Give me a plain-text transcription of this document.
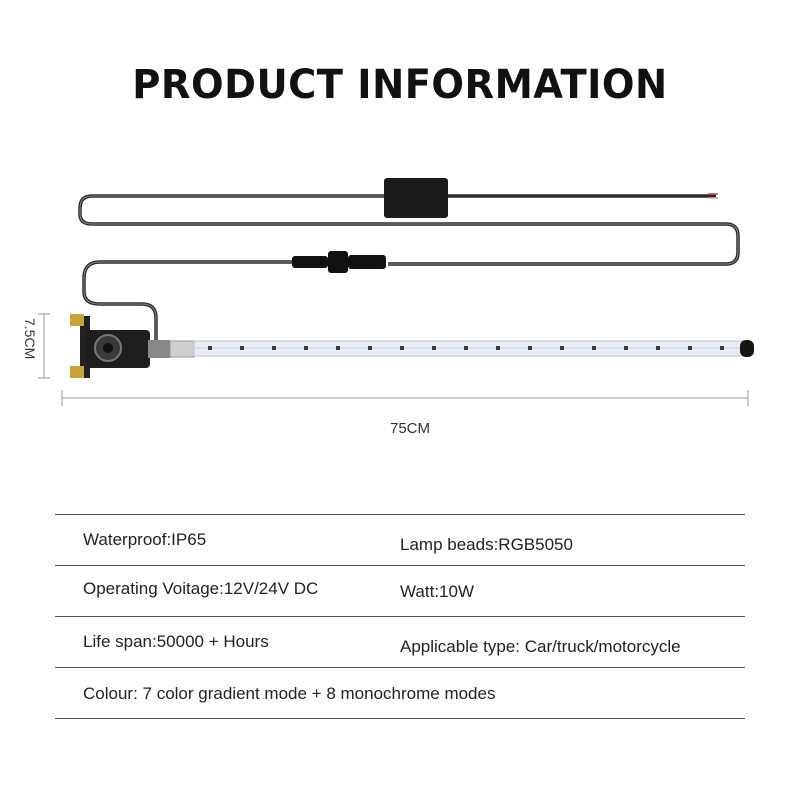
PRODUCT INFORMATION
75CM
7.5CM
Waterproof:IP65	Lamp beads:RGB5050
Operating Voitage:12V/24V DC	Watt:10W
Life span:50000 + Hours	Applicable type: Car/truck/motorcycle
Colour: 7 color gradient mode + 8 monochrome modes
